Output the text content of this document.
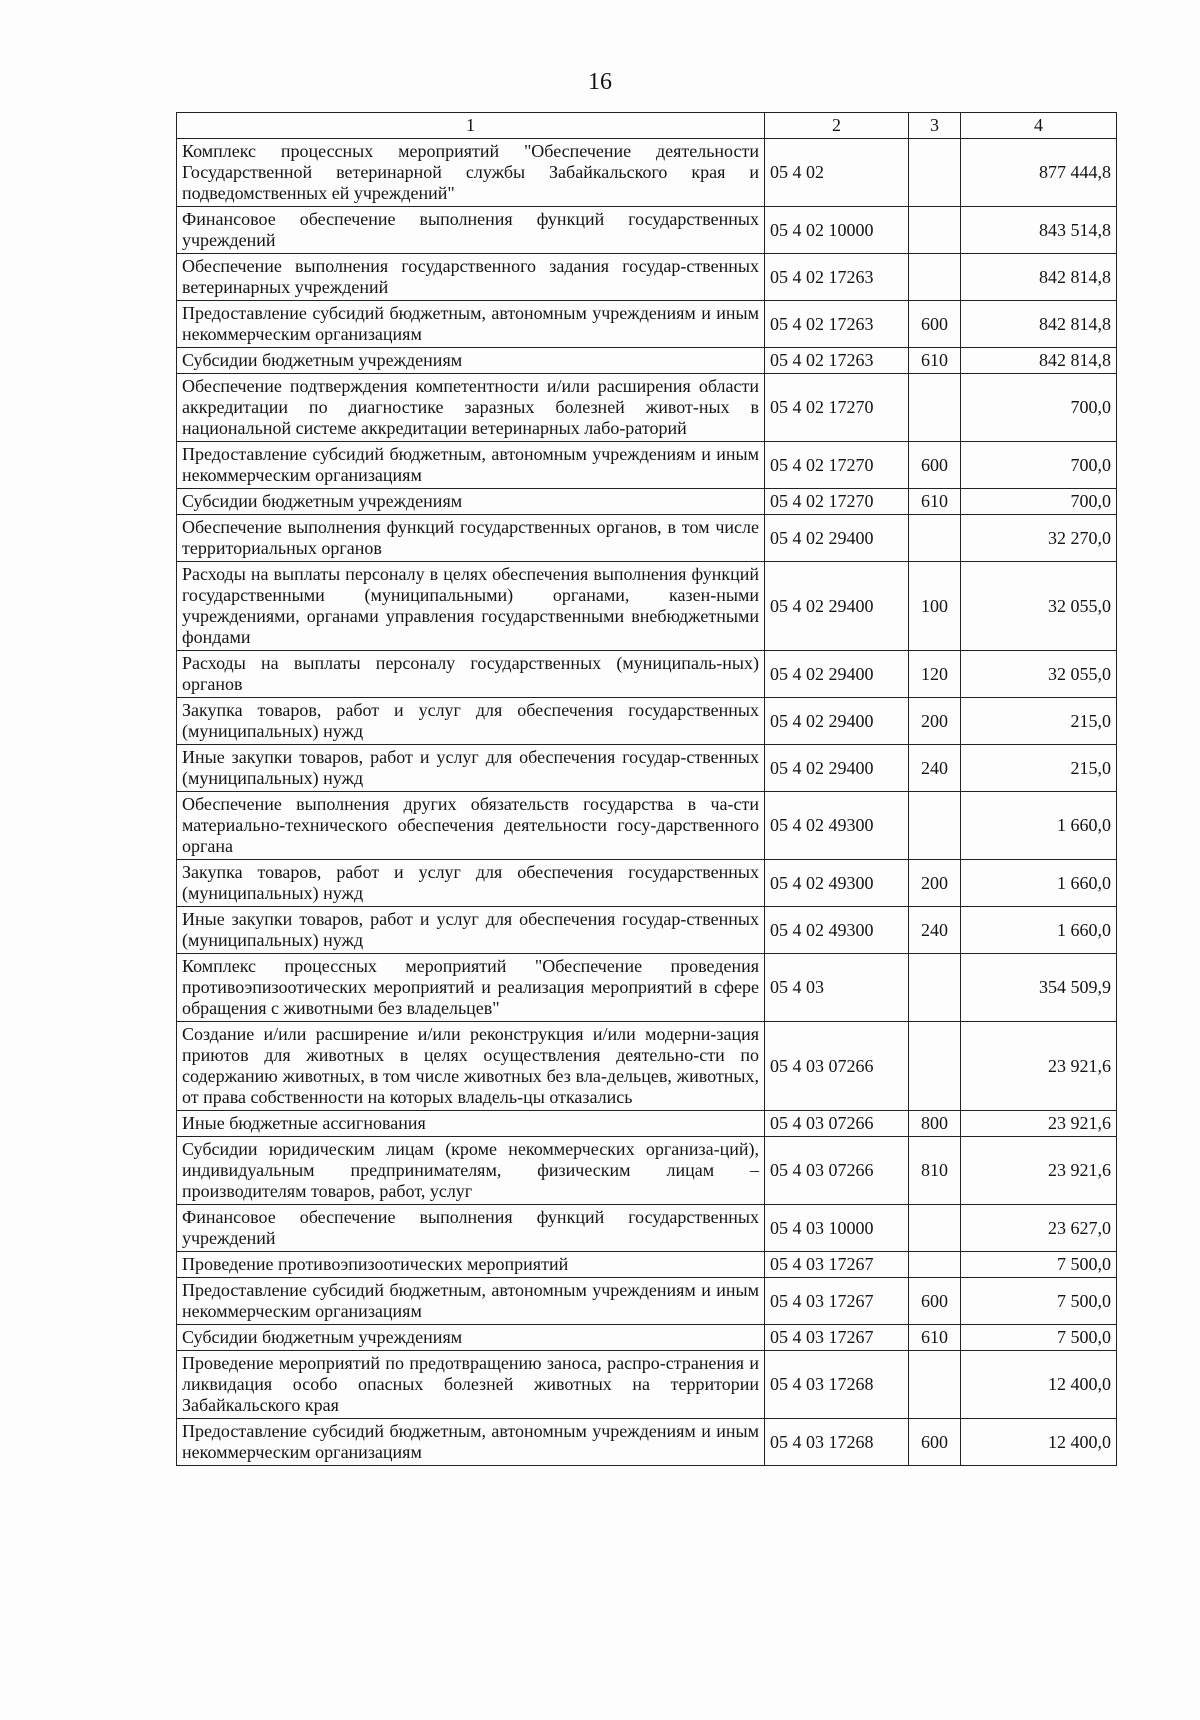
16
1	2	3	4
Комплекс процессных мероприятий "Обеспечение деятельности Государственной ветеринарной службы Забайкальского края и подведомственных ей учреждений"	05 4 02		877 444,8
Финансовое обеспечение выполнения функций государственных учреждений	05 4 02 10000		843 514,8
Обеспечение выполнения государственного задания государ-ственных ветеринарных учреждений	05 4 02 17263		842 814,8
Предоставление субсидий бюджетным, автономным учреждениям и иным некоммерческим организациям	05 4 02 17263	600	842 814,8
Субсидии бюджетным учреждениям	05 4 02 17263	610	842 814,8
Обеспечение подтверждения компетентности и/или расширения области аккредитации по диагностике заразных болезней живот-ных в национальной системе аккредитации ветеринарных лабо-раторий	05 4 02 17270		700,0
Предоставление субсидий бюджетным, автономным учреждениям и иным некоммерческим организациям	05 4 02 17270	600	700,0
Субсидии бюджетным учреждениям	05 4 02 17270	610	700,0
Обеспечение выполнения функций государственных органов, в том числе территориальных органов	05 4 02 29400		32 270,0
Расходы на выплаты персоналу в целях обеспечения выполнения функций государственными (муниципальными) органами, казен-ными учреждениями, органами управления государственными внебюджетными фондами	05 4 02 29400	100	32 055,0
Расходы на выплаты персоналу государственных (муниципаль-ных) органов	05 4 02 29400	120	32 055,0
Закупка товаров, работ и услуг для обеспечения государственных (муниципальных) нужд	05 4 02 29400	200	215,0
Иные закупки товаров, работ и услуг для обеспечения государ-ственных (муниципальных) нужд	05 4 02 29400	240	215,0
Обеспечение выполнения других обязательств государства в ча-сти материально-технического обеспечения деятельности госу-дарственного органа	05 4 02 49300		1 660,0
Закупка товаров, работ и услуг для обеспечения государственных (муниципальных) нужд	05 4 02 49300	200	1 660,0
Иные закупки товаров, работ и услуг для обеспечения государ-ственных (муниципальных) нужд	05 4 02 49300	240	1 660,0
Комплекс процессных мероприятий "Обеспечение проведения противоэпизоотических мероприятий и реализация мероприятий в сфере обращения с животными без владельцев"	05 4 03		354 509,9
Создание и/или расширение и/или реконструкция и/или модерни-зация приютов для животных в целях осуществления деятельно-сти по содержанию животных, в том числе животных без вла-дельцев, животных, от права собственности на которых владель-цы отказались	05 4 03 07266		23 921,6
Иные бюджетные ассигнования	05 4 03 07266	800	23 921,6
Субсидии юридическим лицам (кроме некоммерческих организа-ций), индивидуальным предпринимателям, физическим лицам – производителям товаров, работ, услуг	05 4 03 07266	810	23 921,6
Финансовое обеспечение выполнения функций государственных учреждений	05 4 03 10000		23 627,0
Проведение противоэпизоотических мероприятий	05 4 03 17267		7 500,0
Предоставление субсидий бюджетным, автономным учреждениям и иным некоммерческим организациям	05 4 03 17267	600	7 500,0
Субсидии бюджетным учреждениям	05 4 03 17267	610	7 500,0
Проведение мероприятий по предотвращению заноса, распро-странения и ликвидация особо опасных болезней животных на территории Забайкальского края	05 4 03 17268		12 400,0
Предоставление субсидий бюджетным, автономным учреждениям и иным некоммерческим организациям	05 4 03 17268	600	12 400,0
